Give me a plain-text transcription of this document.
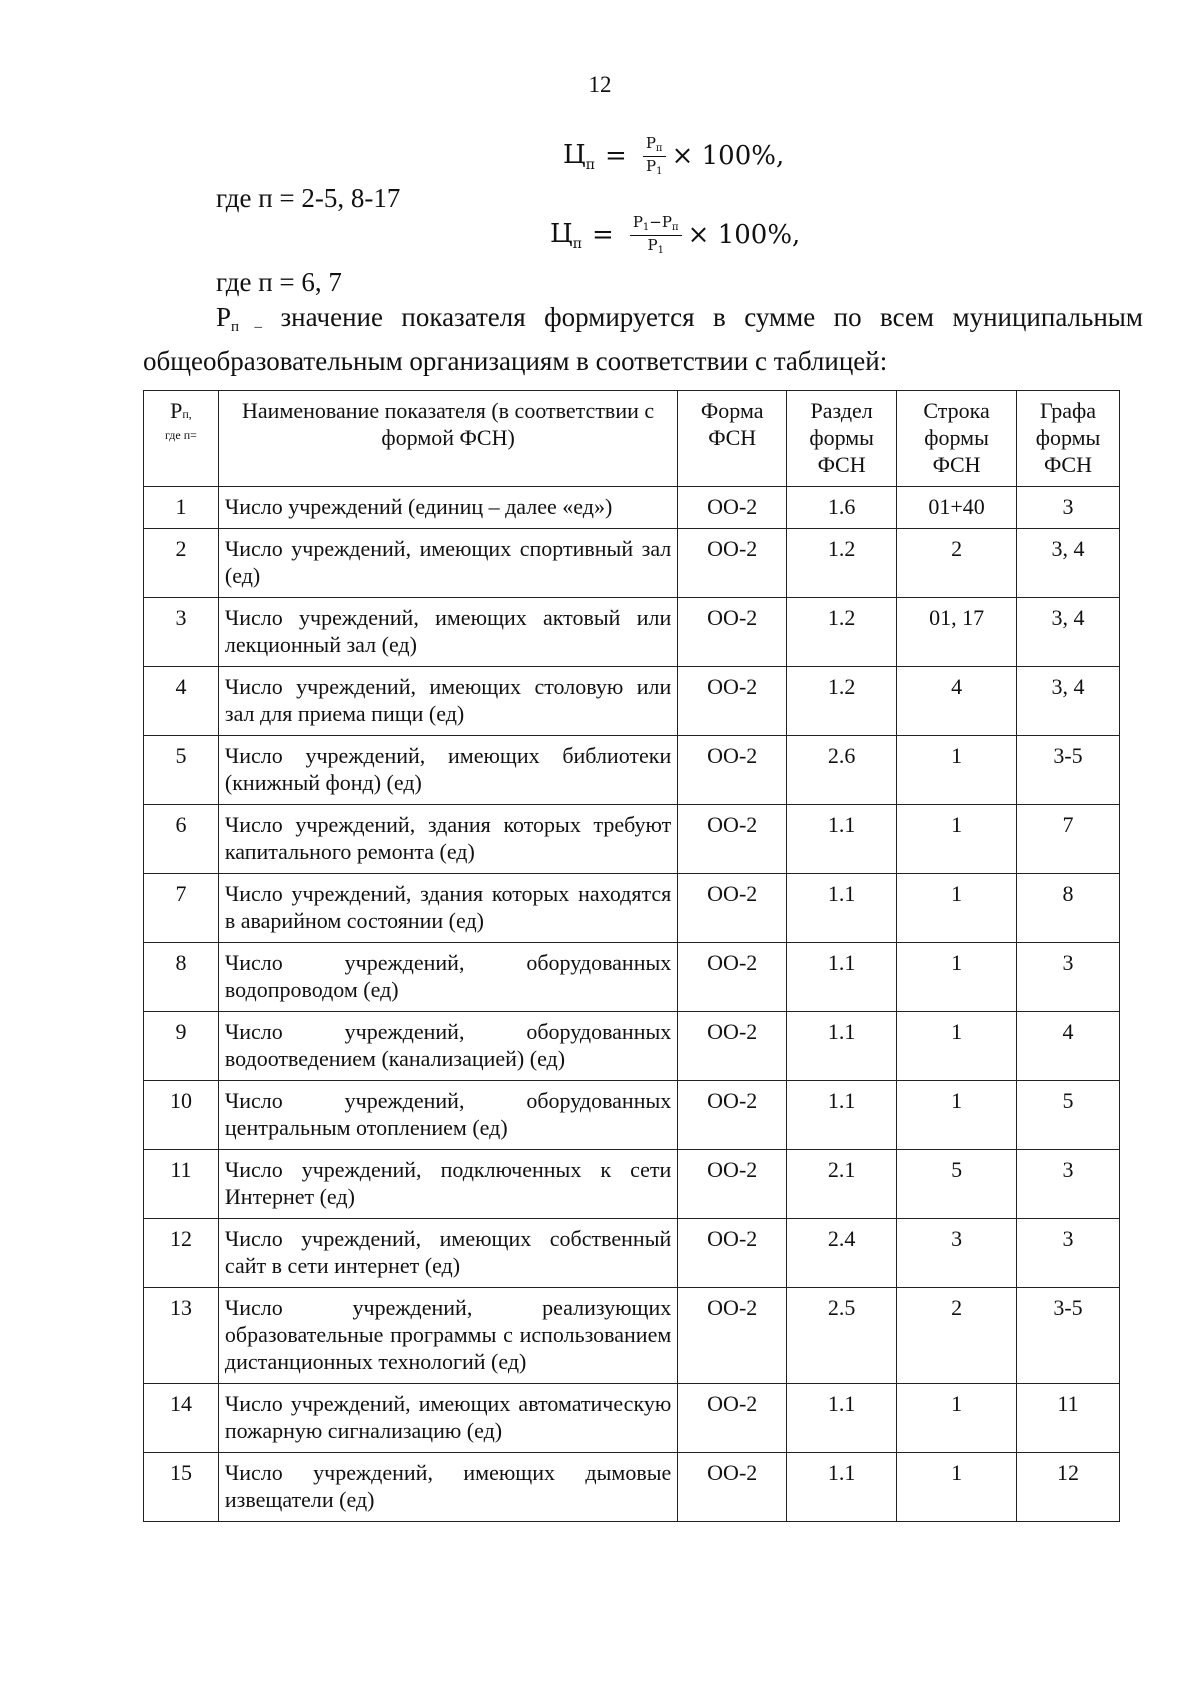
12
$Ц_п = \frac{P_п}{P_1} \times 100\%$,
где п = 2-5, 8-17
$Ц_п = \frac{P_1-P_п}{P_1} \times 100\%$,
где п = 6, 7
Рп – значение показателя формируется в сумме по всем муниципальным общеобразовательным организациям в соответствии с таблицей:
Рп,
где п=	Наименование показателя (в соответствии с формой ФСН)	Форма ФСН	Раздел формы ФСН	Строка формы ФСН	Графа формы ФСН
1	Число учреждений (единиц – далее «ед»)	ОО-2	1.6	01+40	3
2	Число учреждений, имеющих спортивный зал (ед)	ОО-2	1.2	2	3, 4
3	Число учреждений, имеющих актовый или лекционный зал (ед)	ОО-2	1.2	01, 17	3, 4
4	Число учреждений, имеющих столовую или зал для приема пищи (ед)	ОО-2	1.2	4	3, 4
5	Число учреждений, имеющих библиотеки (книжный фонд) (ед)	ОО-2	2.6	1	3-5
6	Число учреждений, здания которых требуют капитального ремонта (ед)	ОО-2	1.1	1	7
7	Число учреждений, здания которых находятся в аварийном состоянии (ед)	ОО-2	1.1	1	8
8	Число учреждений, оборудованных водопроводом (ед)	ОО-2	1.1	1	3
9	Число учреждений, оборудованных водоотведением (канализацией) (ед)	ОО-2	1.1	1	4
10	Число учреждений, оборудованных центральным отоплением (ед)	ОО-2	1.1	1	5
11	Число учреждений, подключенных к сети Интернет (ед)	ОО-2	2.1	5	3
12	Число учреждений, имеющих собственный сайт в сети интернет (ед)	ОО-2	2.4	3	3
13	Число учреждений, реализующих образовательные программы с использованием дистанционных технологий (ед)	ОО-2	2.5	2	3-5
14	Число учреждений, имеющих автоматическую пожарную сигнализацию (ед)	ОО-2	1.1	1	11
15	Число учреждений, имеющих дымовые извещатели (ед)	ОО-2	1.1	1	12
